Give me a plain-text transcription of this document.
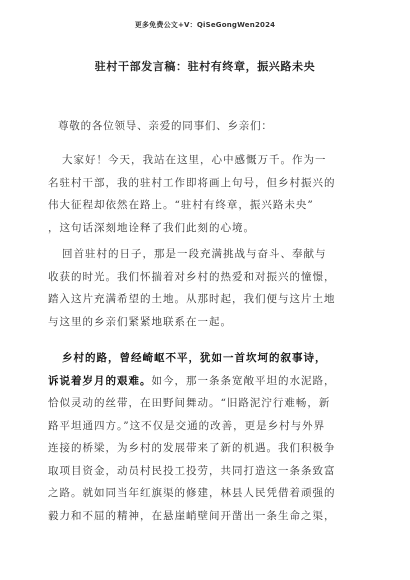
更多免费公文+V：QiSeGongWen2024
驻村干部发言稿：驻村有终章，振兴路未央
尊敬的各位领导、亲爱的同事们、乡亲们：
大家好！今天，我站在这里，心中感慨万千。作为一
名驻村干部，我的驻村工作即将画上句号，但乡村振兴的
伟大征程却依然在路上。“驻村有终章，振兴路未央”
，这句话深刻地诠释了我们此刻的心境。
回首驻村的日子，那是一段充满挑战与奋斗、奉献与
收获的时光。我们怀揣着对乡村的热爱和对振兴的憧憬，
踏入这片充满希望的土地。从那时起，我们便与这片土地
与这里的乡亲们紧紧地联系在一起。
乡村的路，曾经崎岖不平，犹如一首坎坷的叙事诗，
诉说着岁月的艰难。如今，那一条条宽敞平坦的水泥路，
恰似灵动的丝带，在田野间舞动。“旧路泥泞行难畅，新
路平坦通四方。”这不仅是交通的改善，更是乡村与外界
连接的桥梁，为乡村的发展带来了新的机遇。我们积极争
取项目资金，动员村民投工投劳，共同打造这一条条致富
之路。就如同当年红旗渠的修建，林县人民凭借着顽强的
毅力和不屈的精神，在悬崖峭壁间开凿出一条生命之渠，
